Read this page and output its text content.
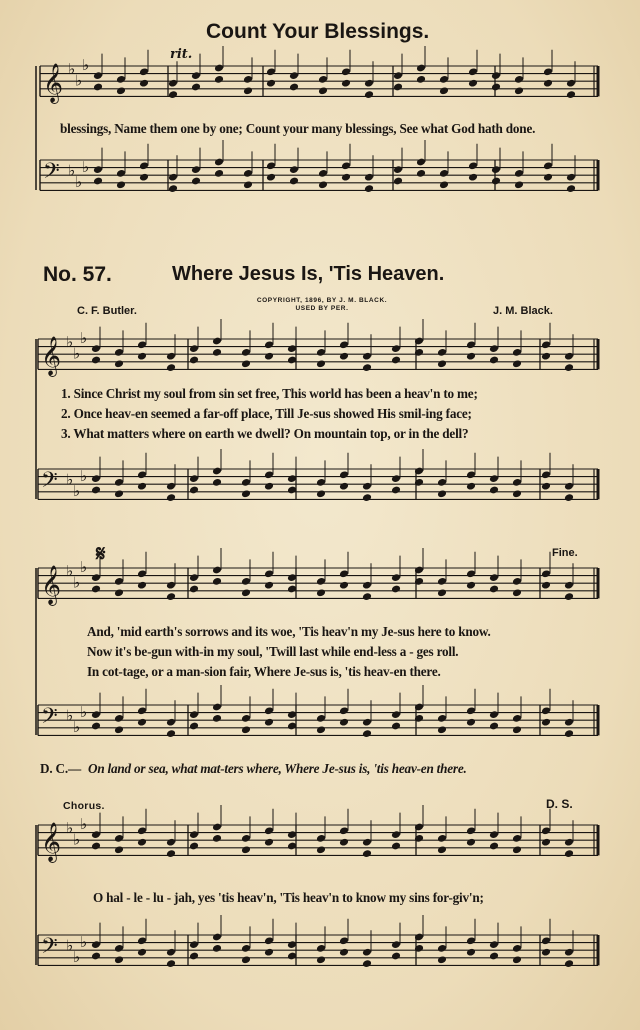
Count Your Blessings.
rit.
blessings, Name them one by one; Count your many blessings, See what God hath done.
No. 57.	Where Jesus Is, 'Tis Heaven.
C. F. Butler.
COPYRIGHT, 1896, BY J. M. BLACK.
USED BY PER.	J. M. Black.
1. Since Christ my soul from sin set free, This world has been a heav'n to me;
2. Once heav-en seemed a far-off place, Till Je-sus showed His smil-ing face;
3. What matters where on earth we dwell? On mountain top, or in the dell?
𝄋	Fine.
And, 'mid earth's sorrows and its woe, 'Tis heav'n my Je-sus here to know.
Now it's be-gun with-in my soul, 'Twill last while end-less a - ges roll.
In cot-tage, or a man-sion fair, Where Je-sus is, 'tis heav-en there.
D. C.— On land or sea, what mat-ters where, Where Je-sus is, 'tis heav-en there.
Chorus.	D. S.
O hal - le - lu - jah, yes 'tis heav'n, 'Tis heav'n to know my sins for-giv'n;
𝄞 ♭
♭
♭
𝄢 ♭
♭
♭
𝄞 ♭
♭
♭
𝄢 ♭
♭
♭
𝄞 ♭
♭
♭
𝄢 ♭
♭
♭
𝄞 ♭
♭
♭
𝄢 ♭
♭
♭
